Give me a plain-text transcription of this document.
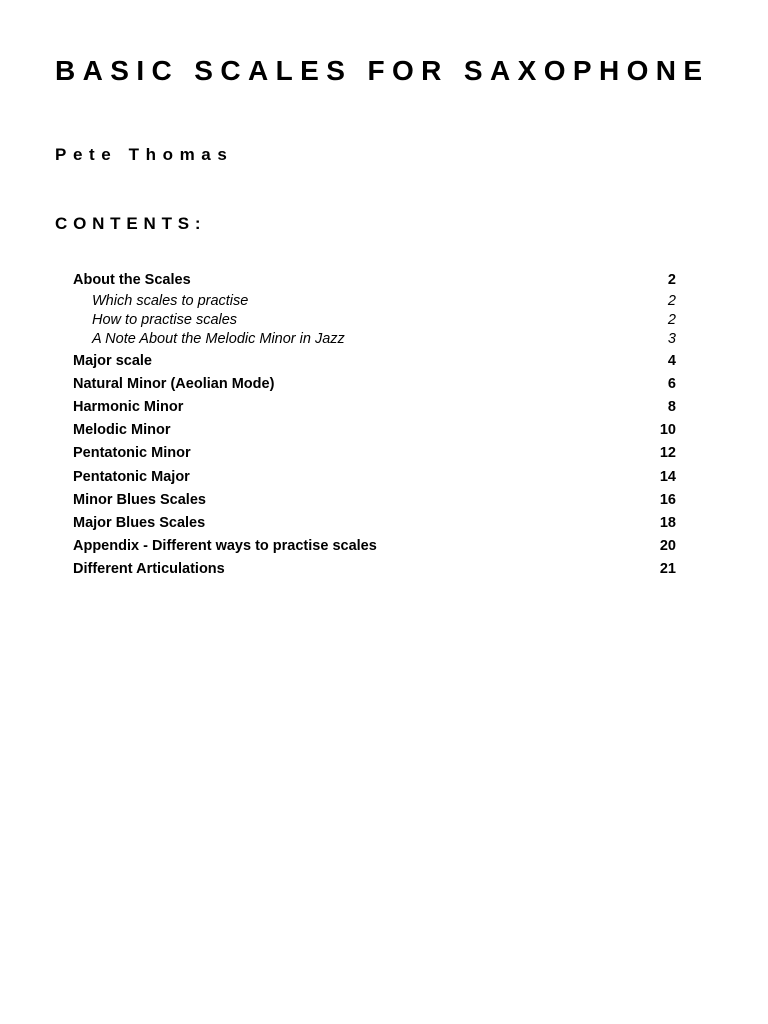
BASIC SCALES FOR SAXOPHONE
Pete Thomas
CONTENTS:
About the Scales	2
Which scales to practise	2
How to practise scales	2
A Note About the Melodic Minor in Jazz	3
Major scale	4
Natural Minor (Aeolian Mode)	6
Harmonic Minor	8
Melodic Minor	10
Pentatonic Minor	12
Pentatonic Major	14
Minor Blues Scales	16
Major Blues Scales	18
Appendix - Different ways to practise scales	20
Different Articulations	21
